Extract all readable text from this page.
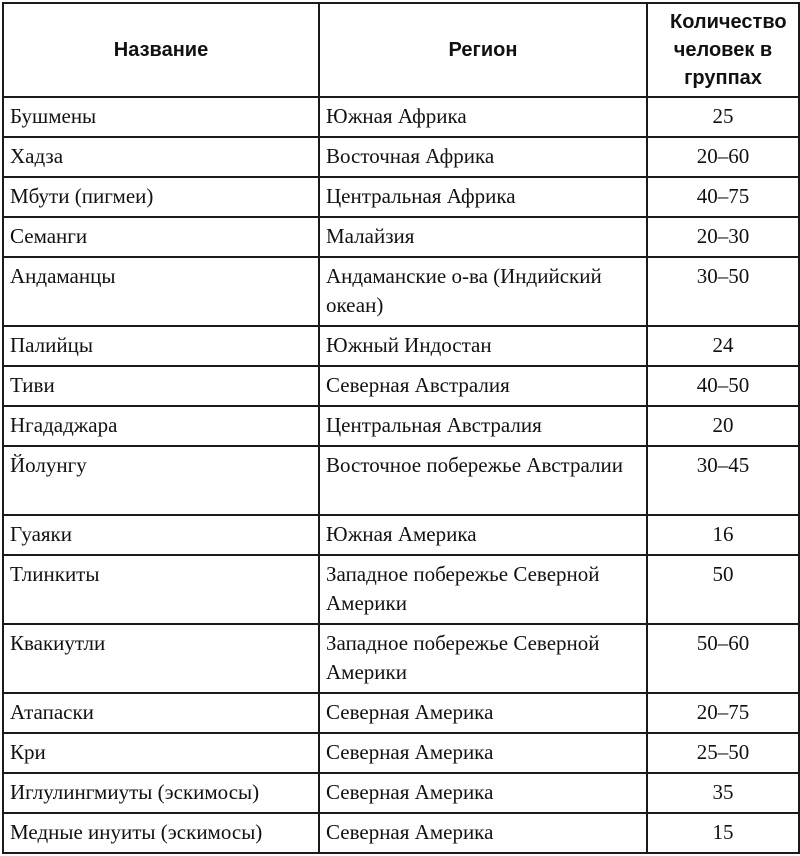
Название	Регион	Количество человек в группах
Бушмены	Южная Африка	25
Хадза	Восточная Африка	20–60
Мбути (пигмеи)	Центральная Африка	40–75
Семанги	Малайзия	20–30
Андаманцы	Андаманские о-ва (Индийский океан)	30–50
Палийцы	Южный Индостан	24
Тиви	Северная Австралия	40–50
Нгададжара	Центральная Австралия	20
Йолунгу	Восточное побережье Австралии	30–45
Гуаяки	Южная Америка	16
Тлинкиты	Западное побережье Северной Америки	50
Квакиутли	Западное побережье Северной Америки	50–60
Атапаски	Северная Америка	20–75
Кри	Северная Америка	25–50
Иглулингмиуты (эскимосы)	Северная Америка	35
Медные инуиты (эскимосы)	Северная Америка	15
